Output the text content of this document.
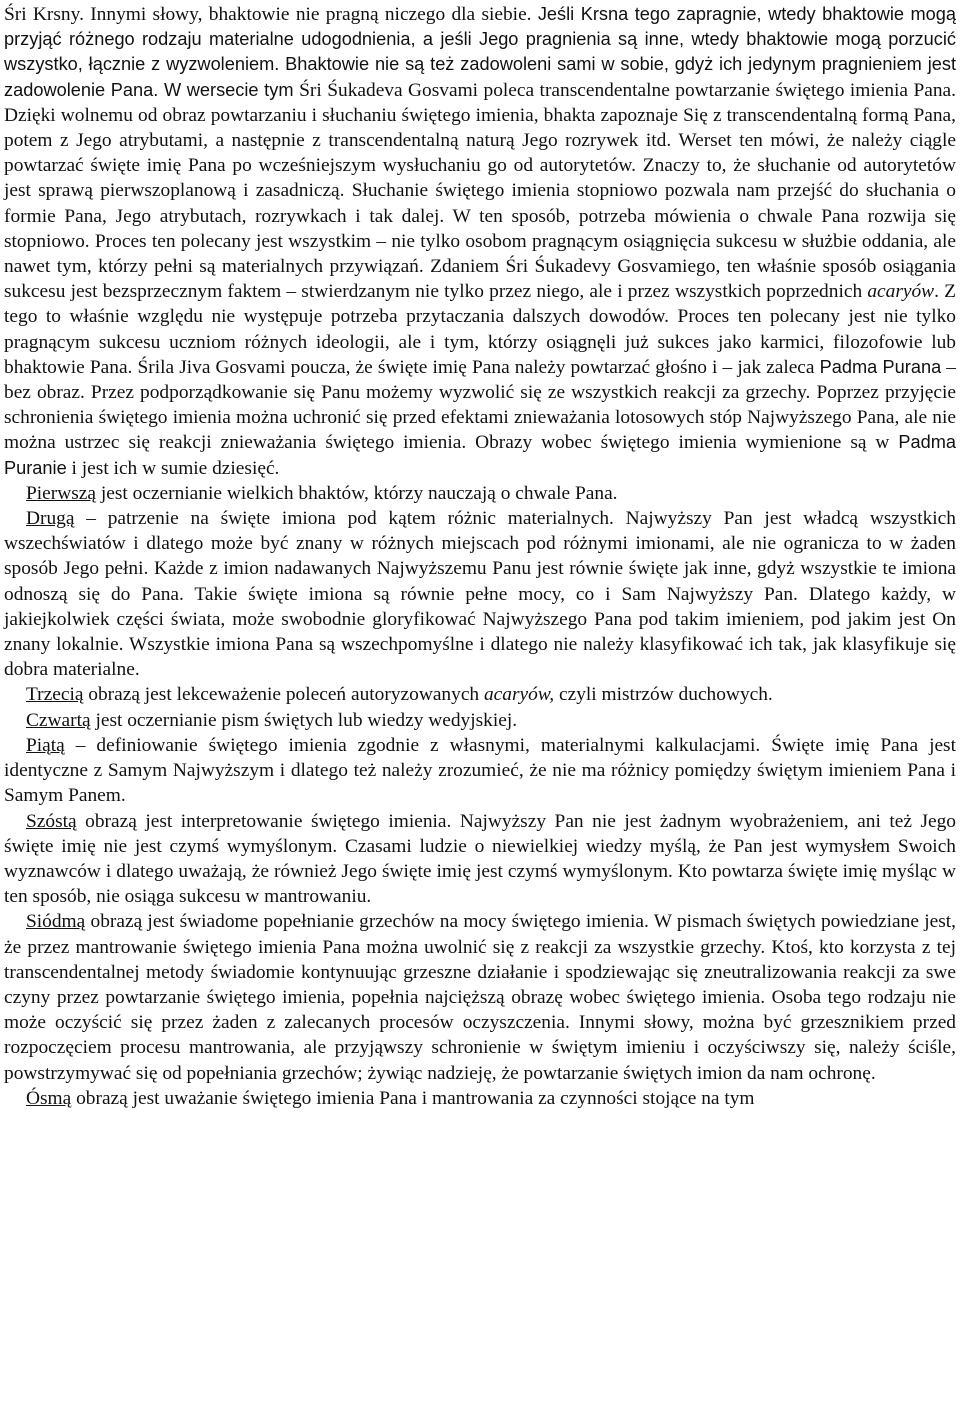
Śri Krsny. Innymi słowy, bhaktowie nie pragną niczego dla siebie. Jeśli Krsna tego zapragnie, wtedy bhaktowie mogą przyjąć różnego rodzaju materialne udogodnienia, a jeśli Jego pragnienia są inne, wtedy bhaktowie mogą porzucić wszystko, łącznie z wyzwoleniem. Bhaktowie nie są też zadowoleni sami w sobie, gdyż ich jedynym pragnieniem jest zadowolenie Pana. W wersecie tym Śri Śukadeva Gosvami poleca transcendentalne powtarzanie świętego imienia Pana. Dzięki wolnemu od obraz powtarzaniu i słuchaniu świętego imienia, bhakta zapoznaje Się z transcendentalną formą Pana, potem z Jego atrybutami, a następnie z transcendentalną naturą Jego rozrywek itd. Werset ten mówi, że należy ciągle powtarzać święte imię Pana po wcześniejszym wysłuchaniu go od autorytetów. Znaczy to, że słuchanie od autorytetów jest sprawą pierwszoplanową i zasadniczą. Słuchanie świętego imienia stopniowo pozwala nam przejść do słuchania o formie Pana, Jego atrybutach, rozrywkach i tak dalej. W ten sposób, potrzeba mówienia o chwale Pana rozwija się stopniowo. Proces ten polecany jest wszystkim – nie tylko osobom pragnącym osiągnięcia sukcesu w służbie oddania, ale nawet tym, którzy pełni są materialnych przywiązań. Zdaniem Śri Śukadevy Gosvamiego, ten właśnie sposób osiągania sukcesu jest bezsprzecznym faktem – stwierdzanym nie tylko przez niego, ale i przez wszystkich poprzednich acaryów. Z tego to właśnie względu nie występuje potrzeba przytaczania dalszych dowodów. Proces ten polecany jest nie tylko pragnącym sukcesu uczniom różnych ideologii, ale i tym, którzy osiągnęli już sukces jako karmici, filozofowie lub bhaktowie Pana. Śrila Jiva Gosvami poucza, że święte imię Pana należy powtarzać głośno i – jak zaleca Padma Purana – bez obraz. Przez podporządkowanie się Panu możemy wyzwolić się ze wszystkich reakcji za grzechy. Poprzez przyjęcie schronienia świętego imienia można uchronić się przed efektami znieważania lotosowych stóp Najwyższego Pana, ale nie można ustrzec się reakcji znieważania świętego imienia. Obrazy wobec świętego imienia wymienione są w Padma Puranie i jest ich w sumie dziesięć.

Pierwszą jest oczernianie wielkich bhaktów, którzy nauczają o chwale Pana.

Drugą – patrzenie na święte imiona pod kątem różnic materialnych. Najwyższy Pan jest władcą wszystkich wszechświatów i dlatego może być znany w różnych miejscach pod różnymi imionami, ale nie ogranicza to w żaden sposób Jego pełni. Każde z imion nadawanych Najwyższemu Panu jest równie święte jak inne, gdyż wszystkie te imiona odnoszą się do Pana. Takie święte imiona są równie pełne mocy, co i Sam Najwyższy Pan. Dlatego każdy, w jakiejkolwiek części świata, może swobodnie gloryfikować Najwyższego Pana pod takim imieniem, pod jakim jest On znany lokalnie. Wszystkie imiona Pana są wszechpomyślne i dlatego nie należy klasyfikować ich tak, jak klasyfikuje się dobra materialne.

Trzecią obrazą jest lekceważenie poleceń autoryzowanych acaryów, czyli mistrzów duchowych.

Czwartą jest oczernianie pism świętych lub wiedzy wedyjskiej.

Piątą – definiowanie świętego imienia zgodnie z własnymi, materialnymi kalkulacjami. Święte imię Pana jest identyczne z Samym Najwyższym i dlatego też należy zrozumieć, że nie ma różnicy pomiędzy świętym imieniem Pana i Samym Panem.

Szóstą obrazą jest interpretowanie świętego imienia. Najwyższy Pan nie jest żadnym wyobrażeniem, ani też Jego święte imię nie jest czymś wymyślonym. Czasami ludzie o niewielkiej wiedzy myślą, że Pan jest wymysłem Swoich wyznawców i dlatego uważają, że również Jego święte imię jest czymś wymyślonym. Kto powtarza święte imię myśląc w ten sposób, nie osiąga sukcesu w mantrowaniu.

Siódmą obrazą jest świadome popełnianie grzechów na mocy świętego imienia. W pismach świętych powiedziane jest, że przez mantrowanie świętego imienia Pana można uwolnić się z reakcji za wszystkie grzechy. Ktoś, kto korzysta z tej transcendentalnej metody świadomie kontynuując grzeszne działanie i spodziewając się zneutralizowania reakcji za swe czyny przez powtarzanie świętego imienia, popełnia najcięższą obrazę wobec świętego imienia. Osoba tego rodzaju nie może oczyścić się przez żaden z zalecanych procesów oczyszczenia. Innymi słowy, można być grzesznikiem przed rozpoczęciem procesu mantrowania, ale przyjąwszy schronienie w świętym imieniu i oczyściwszy się, należy ściśle, powstrzymywać się od popełniania grzechów; żywiąc nadzieję, że powtarzanie świętych imion da nam ochronę.

Ósmą obrazą jest uważanie świętego imienia Pana i mantrowania za czynności stojące na tym
